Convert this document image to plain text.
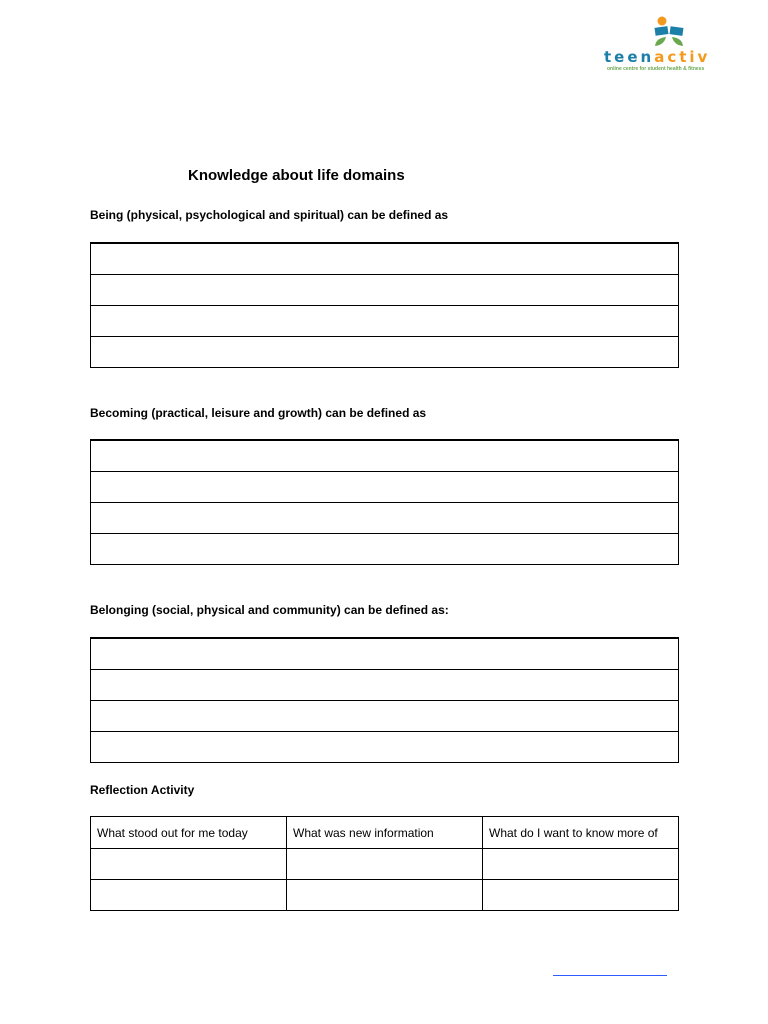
teenactiv
online centre for student health & fitness
Knowledge about life domains
Being (physical, psychological and spiritual) can be defined as

Becoming (practical, leisure and growth) can be defined as

Belonging (social, physical and community) can be defined as:

Reflection Activity
What stood out for me today	What was new information	What do I want to know more of
